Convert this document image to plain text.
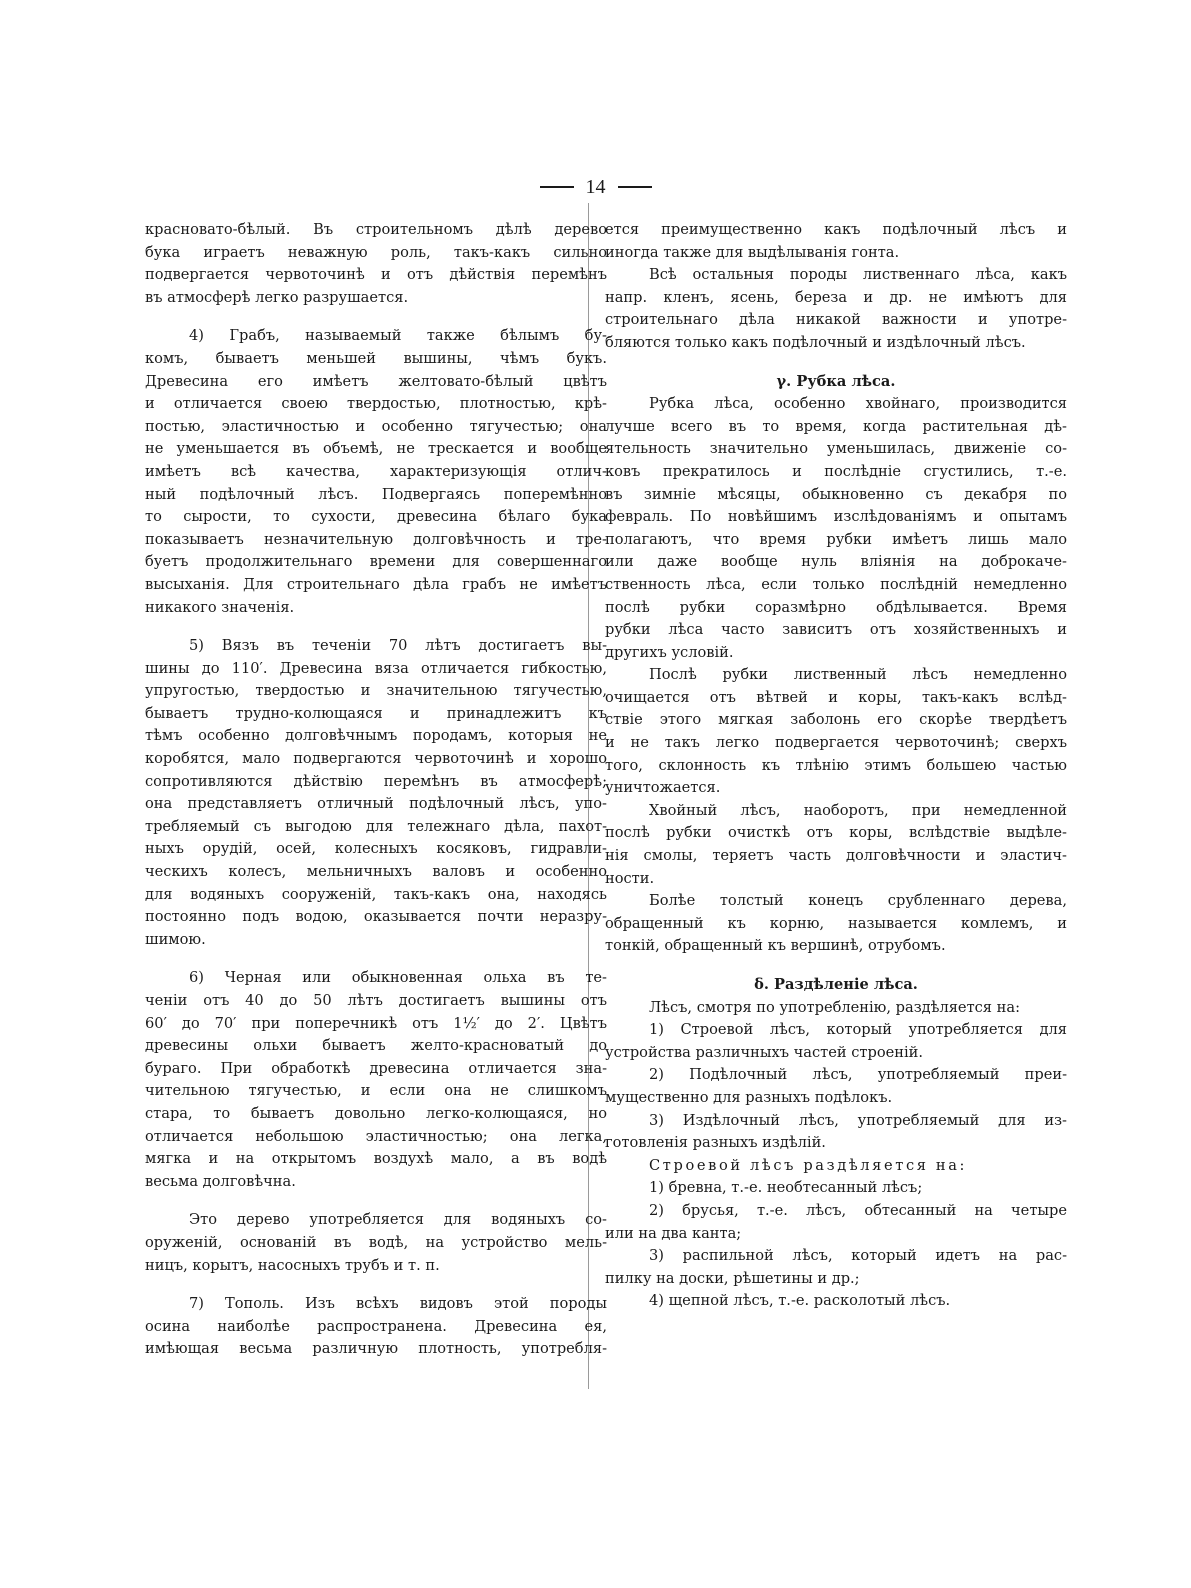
14
красновато-бѣлый. Въ строительномъ дѣлѣ дерево
бука играетъ неважную роль, такъ-какъ сильно
подвергается червоточинѣ и отъ дѣйствія перемѣнъ
въ атмосферѣ легко разрушается.
4) Грабъ, называемый также бѣлымъ бу-
комъ, бываетъ меньшей вышины, чѣмъ букъ.
Древесина его имѣетъ желтовато-бѣлый цвѣтъ
и отличается своею твердостью, плотностью, крѣ-
постью, эластичностью и особенно тягучестью; она
не уменьшается въ объемѣ, не трескается и вообще
имѣетъ всѣ качества, характеризующія отлич-
ный подѣлочный лѣсъ. Подвергаясь поперемѣнно
то сырости, то сухости, древесина бѣлаго бука
показываетъ незначительную долговѣчность и тре-
буетъ продолжительнаго времени для совершеннаго
высыханія. Для строительнаго дѣла грабъ не имѣетъ
никакого значенія.
5) Вязъ въ теченіи 70 лѣтъ достигаетъ вы-
шины до 110′. Древесина вяза отличается гибкостью,
упругостью, твердостью и значительною тягучестью,
бываетъ трудно-колющаяся и принадлежитъ къ
тѣмъ особенно долговѣчнымъ породамъ, которыя не
коробятся, мало подвергаются червоточинѣ и хорошо
сопротивляются дѣйствію перемѣнъ въ атмосферѣ;
она представляетъ отличный подѣлочный лѣсъ, упо-
требляемый съ выгодою для тележнаго дѣла, пахот-
ныхъ орудій, осей, колесныхъ косяковъ, гидравли-
ческихъ колесъ, мельничныхъ валовъ и особенно
для водяныхъ сооруженій, такъ-какъ она, находясь
постоянно подъ водою, оказывается почти неразру-
шимою.
6) Черная или обыкновенная ольха въ те-
ченіи отъ 40 до 50 лѣтъ достигаетъ вышины отъ
60′ до 70′ при поперечникѣ отъ 1½′ до 2′. Цвѣтъ
древесины ольхи бываетъ желто-красноватый до
бураго. При обработкѣ древесина отличается зна-
чительною тягучестью, и если она не слишкомъ
стара, то бываетъ довольно легко-колющаяся, но
отличается небольшою эластичностью; она легка,
мягка и на открытомъ воздухѣ мало, а въ водѣ
весьма долговѣчна.
Это дерево употребляется для водяныхъ со-
оруженій, основаній въ водѣ, на устройство мель-
ницъ, корытъ, насосныхъ трубъ и т. п.
7) Тополь. Изъ всѣхъ видовъ этой породы
осина наиболѣе распространена. Древесина ея,
имѣющая весьма различную плотность, употребля-
ется преимущественно какъ подѣлочный лѣсъ и
иногда также для выдѣлыванія гонта.
Всѣ остальныя породы лиственнаго лѣса, какъ
напр. кленъ, ясень, береза и др. не имѣютъ для
строительнаго дѣла никакой важности и употре-
бляются только какъ подѣлочный и издѣлочный лѣсъ.
γ. Рубка лѣса.
Рубка лѣса, особенно хвойнаго, производится
лучше всего въ то время, когда растительная дѣ-
ятельность значительно уменьшилась, движеніе со-
ковъ прекратилось и послѣдніе сгустились, т.-е.
въ зимніе мѣсяцы, обыкновенно съ декабря по
февраль. По новѣйшимъ изслѣдованіямъ и опытамъ
полагаютъ, что время рубки имѣетъ лишь мало
или даже вообще нуль вліянія на доброкаче-
ственность лѣса, если только послѣдній немедленно
послѣ рубки соразмѣрно обдѣлывается. Время
рубки лѣса часто зависитъ отъ хозяйственныхъ и
другихъ условій.
Послѣ рубки лиственный лѣсъ немедленно
очищается отъ вѣтвей и коры, такъ-какъ вслѣд-
ствіе этого мягкая заболонь его скорѣе твердѣетъ
и не такъ легко подвергается червоточинѣ; сверхъ
того, склонность къ тлѣнію этимъ большею частью
уничтожается.
Хвойный лѣсъ, наоборотъ, при немедленной
послѣ рубки очисткѣ отъ коры, вслѣдствіе выдѣле-
нія смолы, теряетъ часть долговѣчности и эластич-
ности.
Болѣе толстый конецъ срубленнаго дерева,
обращенный къ корню, называется комлемъ, и
тонкій, обращенный къ вершинѣ, отрубомъ.
δ. Раздѣленіе лѣса.
Лѣсъ, смотря по употребленію, раздѣляется на:
1) Строевой лѣсъ, который употребляется для
устройства различныхъ частей строеній.
2) Подѣлочный лѣсъ, употребляемый преи-
мущественно для разныхъ подѣлокъ.
3) Издѣлочный лѣсъ, употребляемый для из-
готовленія разныхъ издѣлій.
Строевой лѣсъ раздѣляется на:
1) бревна, т.-е. необтесанный лѣсъ;
2) брусья, т.-е. лѣсъ, обтесанный на четыре
или на два канта;
3) распильной лѣсъ, который идетъ на рас-
пилку на доски, рѣшетины и др.;
4) щепной лѣсъ, т.-е. расколотый лѣсъ.
